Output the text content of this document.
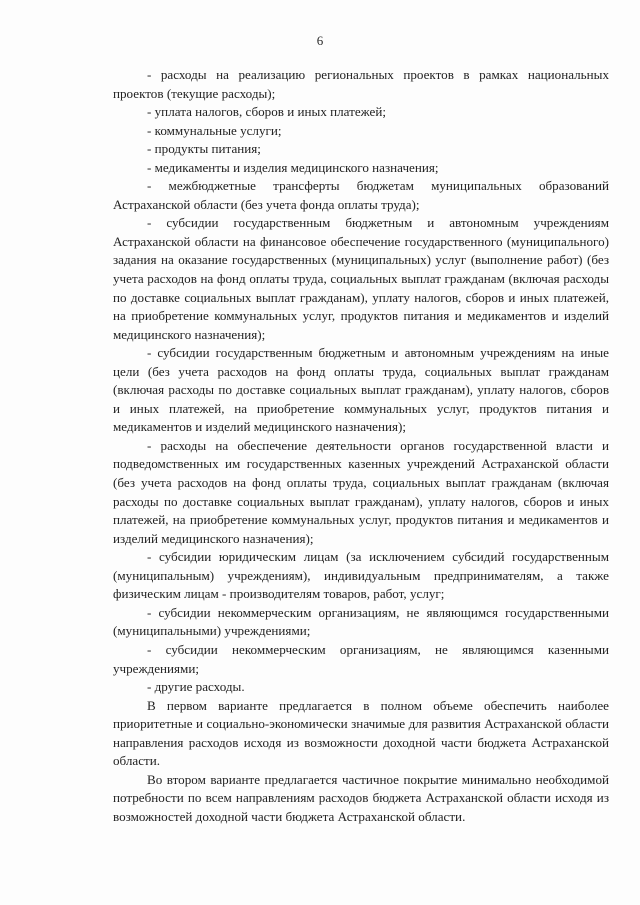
6

- расходы на реализацию региональных проектов в рамках национальных проектов (текущие расходы);

- уплата налогов, сборов и иных платежей;

- коммунальные услуги;

- продукты питания;

- медикаменты и изделия медицинского назначения;

- межбюджетные трансферты бюджетам муниципальных образований Астраханской области (без учета фонда оплаты труда);

- субсидии государственным бюджетным и автономным учреждениям Астраханской области на финансовое обеспечение государственного (муниципального) задания на оказание государственных (муниципальных) услуг (выполнение работ) (без учета расходов на фонд оплаты труда, социальных выплат гражданам (включая расходы по доставке социальных выплат гражданам), уплату налогов, сборов и иных платежей, на приобретение коммунальных услуг, продуктов питания и медикаментов и изделий медицинского назначения);

- субсидии государственным бюджетным и автономным учреждениям на иные цели (без учета расходов на фонд оплаты труда, социальных выплат гражданам (включая расходы по доставке социальных выплат гражданам), уплату налогов, сборов и иных платежей, на приобретение коммунальных услуг, продуктов питания и медикаментов и изделий медицинского назначения);

- расходы на обеспечение деятельности органов государственной власти и подведомственных им государственных казенных учреждений Астраханской области (без учета расходов на фонд оплаты труда, социальных выплат гражданам (включая расходы по доставке социальных выплат гражданам), уплату налогов, сборов и иных платежей, на приобретение коммунальных услуг, продуктов питания и медикаментов и изделий медицинского назначения);

- субсидии юридическим лицам (за исключением субсидий государственным (муниципальным) учреждениям), индивидуальным предпринимателям, а также физическим лицам - производителям товаров, работ, услуг;

- субсидии некоммерческим организациям, не являющимся государственными (муниципальными) учреждениями;

- субсидии некоммерческим организациям, не являющимся казенными учреждениями;

- другие расходы.

В первом варианте предлагается в полном объеме обеспечить наиболее приоритетные и социально-экономически значимые для развития Астраханской области направления расходов исходя из возможности доходной части бюджета Астраханской области.

Во втором варианте предлагается частичное покрытие минимально необходимой потребности по всем направлениям расходов бюджета Астраханской области исходя из возможностей доходной части бюджета Астраханской области.
